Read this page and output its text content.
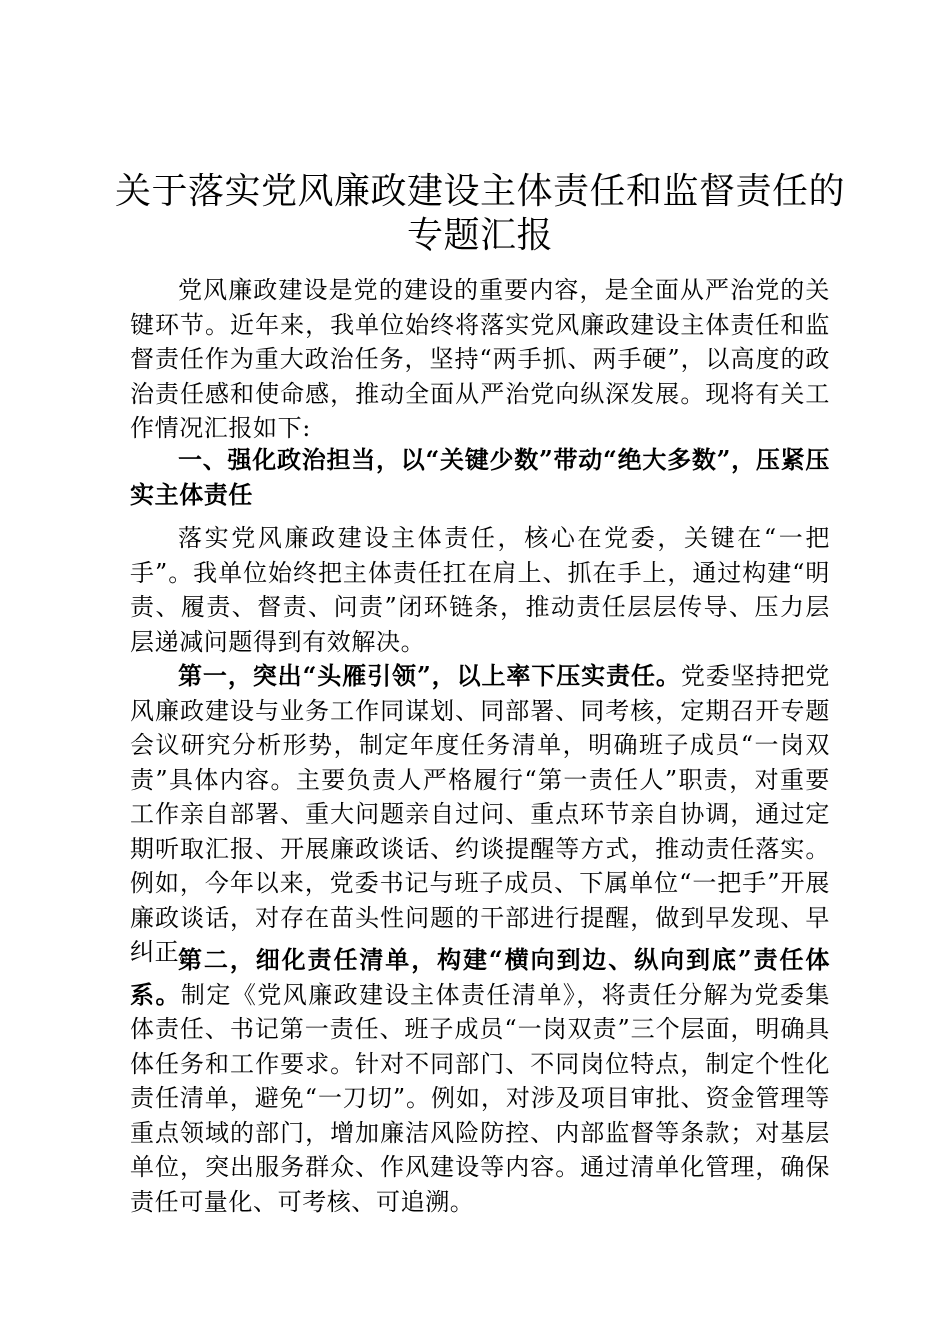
关于落实党风廉政建设主体责任和监督责任的
专题汇报

党风廉政建设是党的建设的重要内容，是全面从严治党的关键环节。近年来，我单位始终将落实党风廉政建设主体责任和监督责任作为重大政治任务，坚持“两手抓、两手硬”，以高度的政治责任感和使命感，推动全面从严治党向纵深发展。现将有关工作情况汇报如下:

一、强化政治担当，以“关键少数”带动“绝大多数”，压紧压实主体责任

落实党风廉政建设主体责任，核心在党委，关键在“一把手”。我单位始终把主体责任扛在肩上、抓在手上，通过构建“明责、履责、督责、问责”闭环链条，推动责任层层传导、压力层层递减问题得到有效解决。

第一，突出“头雁引领”，以上率下压实责任。党委坚持把党风廉政建设与业务工作同谋划、同部署、同考核，定期召开专题会议研究分析形势，制定年度任务清单，明确班子成员“一岗双责”具体内容。主要负责人严格履行“第一责任人”职责，对重要工作亲自部署、重大问题亲自过问、重点环节亲自协调，通过定期听取汇报、开展廉政谈话、约谈提醒等方式，推动责任落实。例如，今年以来，党委书记与班子成员、下属单位“一把手”开展廉政谈话，对存在苗头性问题的干部进行提醒，做到早发现、早纠正。

第二，细化责任清单，构建“横向到边、纵向到底”责任体系。制定《党风廉政建设主体责任清单》，将责任分解为党委集体责任、书记第一责任、班子成员“一岗双责”三个层面，明确具体任务和工作要求。针对不同部门、不同岗位特点，制定个性化责任清单，避免“一刀切”。例如，对涉及项目审批、资金管理等重点领域的部门，增加廉洁风险防控、内部监督等条款；对基层单位，突出服务群众、作风建设等内容。通过清单化管理，确保责任可量化、可考核、可追溯。
